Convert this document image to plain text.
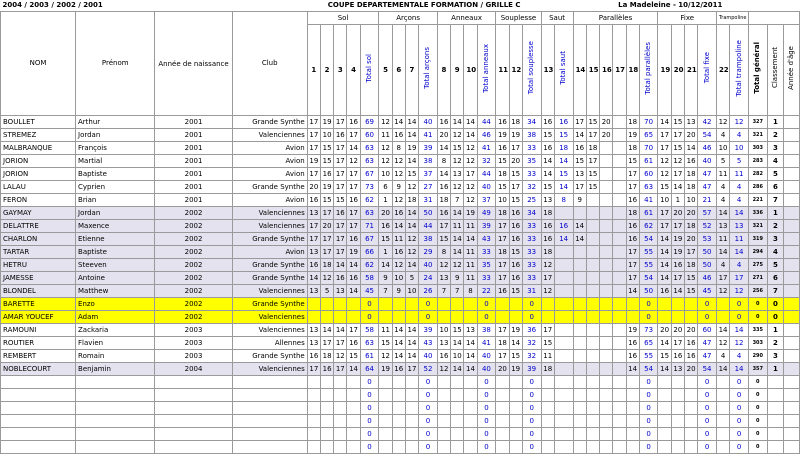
2004 / 2003 / 2002 / 2001				COUPE DEPARTEMENTALE FORMATION / GRILLE C																La Madeleine - 10/12/2011																
NOM	Prénom	Année de naissance	Club	Sol					Arçons				Anneaux				Souplesse			Saut		Parallèles						Fixe				Trampoline				
				1	2	3	4	Total sol	5	6	7	Total arçons	8	9	10	Total anneaux	11	12	Total souplesse	13	Total saut	14	15	16	17	18	Total parallèles	19	20	21	Total fixe	22	Total trampoline	Total général	Classement	Année d'âge
BOULLET	Arthur	2001	Grande Synthe	17	19	17	16	69	12	14	14	40	16	14	14	44	16	18	34	16	16	17	15	20		18	70	14	15	13	42	12	12	327	1	
STREMEZ	Jordan	2001	Valenciennes	17	10	16	17	60	11	16	14	41	20	12	14	46	19	19	38	15	15	14	17	20		19	65	17	17	20	54	4	4	321	2	
MALBRANQUE	François	2001	Avion	17	15	17	14	63	12	8	19	39	14	15	12	41	16	17	33	16	18	16	18			18	70	17	15	14	46	10	10	303	3	
JORION	Martial	2001	Avion	19	15	17	12	63	12	12	14	38	8	12	12	32	15	20	35	14	14	15	17			15	61	12	12	16	40	5	5	283	4	
JORION	Baptiste	2001	Avion	17	16	17	17	67	10	12	15	37	14	13	17	44	18	15	33	14	15	13	15			17	60	12	17	18	47	11	11	282	5	
LALAU	Cyprien	2001	Grande Synthe	20	19	17	17	73	6	9	12	27	16	12	12	40	15	17	32	15	14	17	15			17	63	15	14	18	47	4	4	286	6	
FERON	Brian	2001	Avion	16	15	15	16	62	1	12	18	31	18	7	12	37	10	15	25	13	8	9				16	41	10	1	10	21	4	4	221	7	
GAYMAY	Jordan	2002	Valenciennes	13	17	16	17	63	20	16	14	50	16	14	19	49	18	16	34	18						18	61	17	20	20	57	14	14	336	1	
DELATTRE	Maxence	2002	Valenciennes	17	20	17	17	71	16	14	14	44	17	11	11	39	17	16	33	16	16	14				16	62	17	17	18	52	13	13	321	2	
CHARLON	Etienne	2002	Grande Synthe	17	17	17	16	67	15	11	12	38	15	14	14	43	17	16	33	16	14	14				16	54	14	19	20	53	11	11	319	3	
TARTAR	Baptiste	2002	Avion	13	17	17	19	66	1	16	12	29	8	14	11	33	18	15	33	18						17	55	14	19	17	50	14	14	294	4	
HETRU	Steeven	2002	Grande Synthe	16	18	14	14	62	14	12	14	40	12	12	11	35	17	16	33	12						17	55	14	16	18	50	4	4	275	5	
JAMESSE	Antoine	2002	Grande Synthe	14	12	16	16	58	9	10	5	24	13	9	11	33	17	16	33	17						17	54	14	17	15	46	17	17	271	6	
BLONDEL	Matthew	2002	Valenciennes	13	5	13	14	45	7	9	10	26	7	7	8	22	16	15	31	12						14	50	16	14	15	45	12	12	256	7	
BARETTE	Enzo	2002	Grande Synthe					0				0				0			0								0				0		0	0	0	
AMAR YOUCEF	Adam	2002	Valenciennes					0				0				0			0								0				0		0	0	0	
RAMOUNI	Zackaria	2003	Valenciennes	13	14	14	17	58	11	14	14	39	10	15	13	38	17	19	36	17						19	73	20	20	20	60	14	14	335	1	
ROUTIER	Flavien	2003	Allennes	13	17	17	16	63	15	14	14	43	13	14	14	41	18	14	32	15						16	65	14	17	16	47	12	12	303	2	
REMBERT	Romain	2003	Grande Synthe	16	18	12	15	61	12	14	14	40	16	10	14	40	17	15	32	11						16	55	15	16	16	47	4	4	290	3	
NOBLECOURT	Benjamin	2004	Valenciennes	17	16	17	14	64	19	16	17	52	12	14	14	40	20	19	39	18						14	54	14	13	20	54	14	14	357	1	
								0				0				0			0								0				0		0	0		
								0				0				0			0								0				0		0	0		
								0				0				0			0								0				0		0	0		
								0				0				0			0								0				0		0	0		
								0				0				0			0								0				0		0	0		
								0				0				0			0								0				0		0	0		
